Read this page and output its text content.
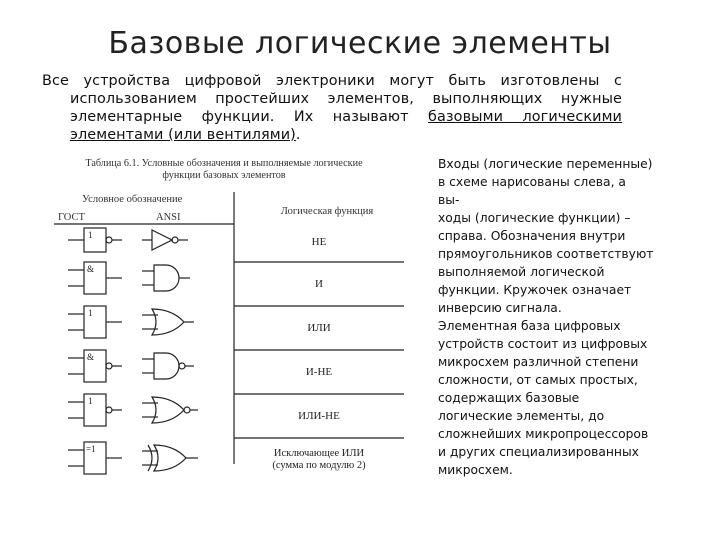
Базовые логические элементы
Все устройства цифровой электроники могут быть изготовлены с
использованием простейших элементов, выполняющих нужные
элементарные функции. Их называют базовыми логическими
элементами (или вентилями).
Таблица 6.1. Условные обозначения и выполняемые логические
функции базовых элементов
Условное обозначение
ГОСТ	ANSI
Логическая функция
1
&
1
&
1
=1
НЕ
И
ИЛИ
И-НЕ
ИЛИ-НЕ
Исключающее ИЛИ
(сумма по модулю 2)
Входы (логические переменные)
в схеме нарисованы слева, а
вы-
ходы (логические функции) –
справа. Обозначения внутри
прямоугольников соответствуют
выполняемой логической
функции. Кружочек означает
инверсию сигнала.
Элементная база цифровых
устройств состоит из цифровых
микросхем различной степени
сложности, от самых простых,
содержащих базовые
логические элементы, до
сложнейших микропроцессоров
и других специализированных
микросхем.
